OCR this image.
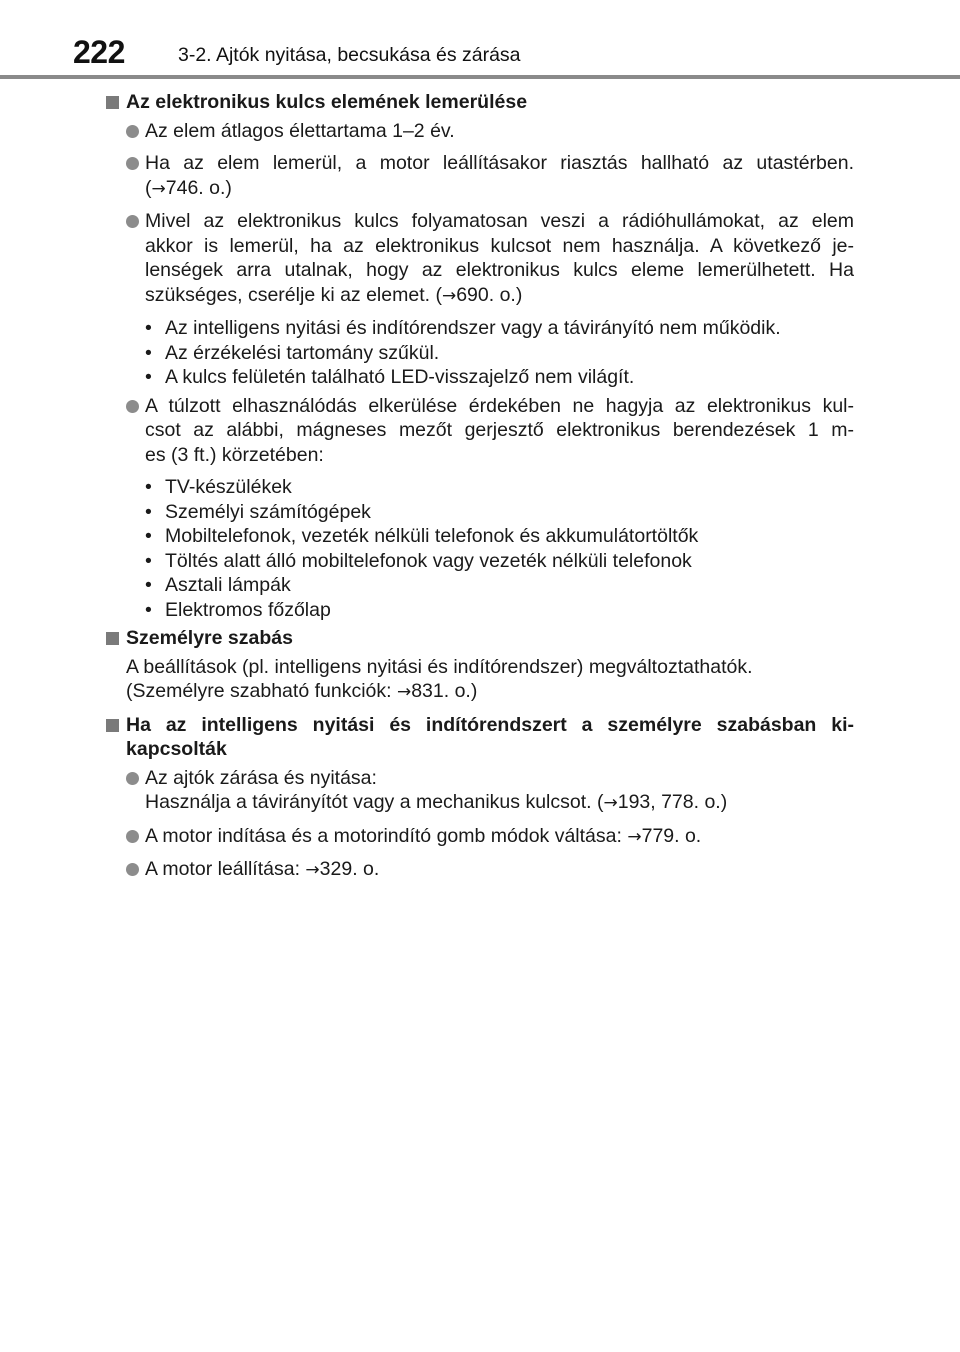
222	3-2. Ajtók nyitása, becsukása és zárása
Az elektronikus kulcs elemének lemerülése
Az elem átlagos élettartama 1–2 év.
Ha az elem lemerül, a motor leállításakor riasztás hallható az utastérben.
(→746. o.)
Mivel az elektronikus kulcs folyamatosan veszi a rádióhullámokat, az elem
akkor is lemerül, ha az elektronikus kulcsot nem használja. A következő je-
lenségek arra utalnak, hogy az elektronikus kulcs eleme lemerülhetett. Ha
szükséges, cserélje ki az elemet. (→690. o.)
• Az intelligens nyitási és indítórendszer vagy a távirányító nem működik.
• Az érzékelési tartomány szűkül.
• A kulcs felületén található LED-visszajelző nem világít.
A túlzott elhasználódás elkerülése érdekében ne hagyja az elektronikus kul-
csot az alábbi, mágneses mezőt gerjesztő elektronikus berendezések 1 m-
es (3 ft.) körzetében:
• TV-készülékek
• Személyi számítógépek
• Mobiltelefonok, vezeték nélküli telefonok és akkumulátortöltők
• Töltés alatt álló mobiltelefonok vagy vezeték nélküli telefonok
• Asztali lámpák
• Elektromos főzőlap
Személyre szabás
A beállítások (pl. intelligens nyitási és indítórendszer) megváltoztathatók.
(Személyre szabható funkciók: →831. o.)
Ha az intelligens nyitási és indítórendszert a személyre szabásban ki-
kapcsolták
Az ajtók zárása és nyitása:
Használja a távirányítót vagy a mechanikus kulcsot. (→193, 778. o.)
A motor indítása és a motorindító gomb módok váltása: →779. o.
A motor leállítása: →329. o.
